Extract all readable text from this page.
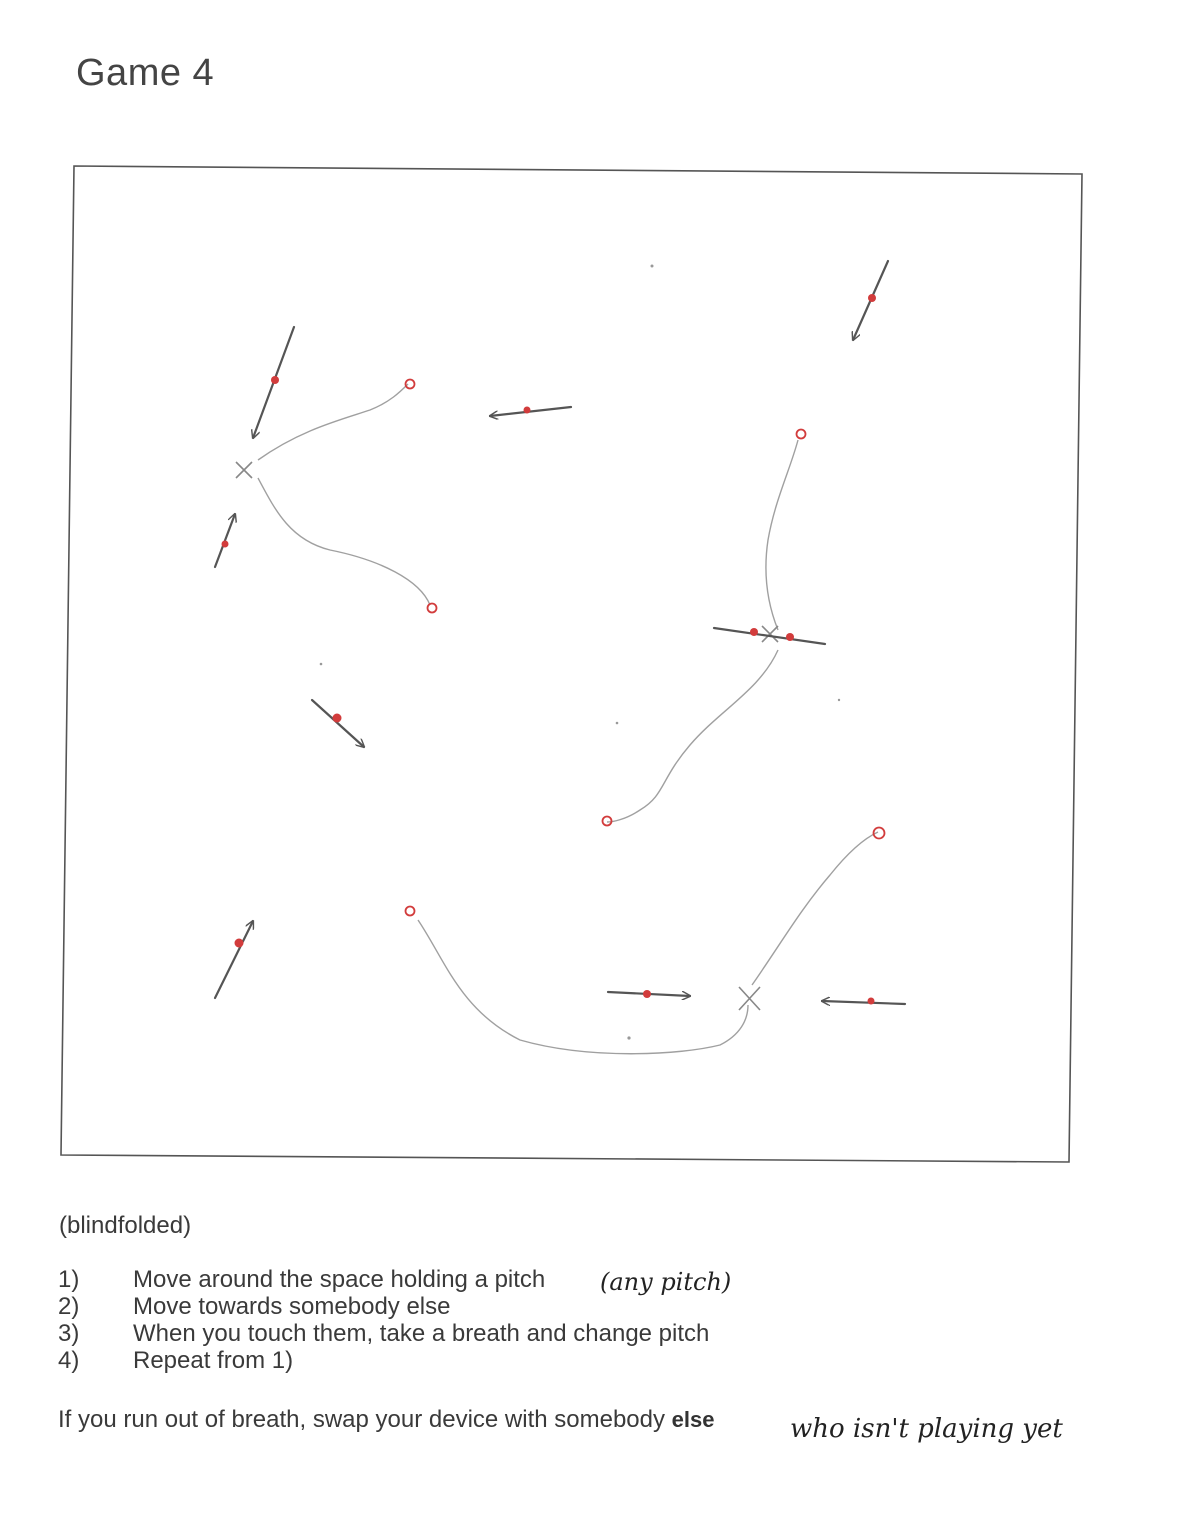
Game 4
(blindfolded)
1) Move around the space holding a pitch
2) Move towards somebody else
3) When you touch them, take a breath and change pitch
4) Repeat from 1)
(any pitch)
If you run out of breath, swap your device with somebody else	who isn't playing yet
